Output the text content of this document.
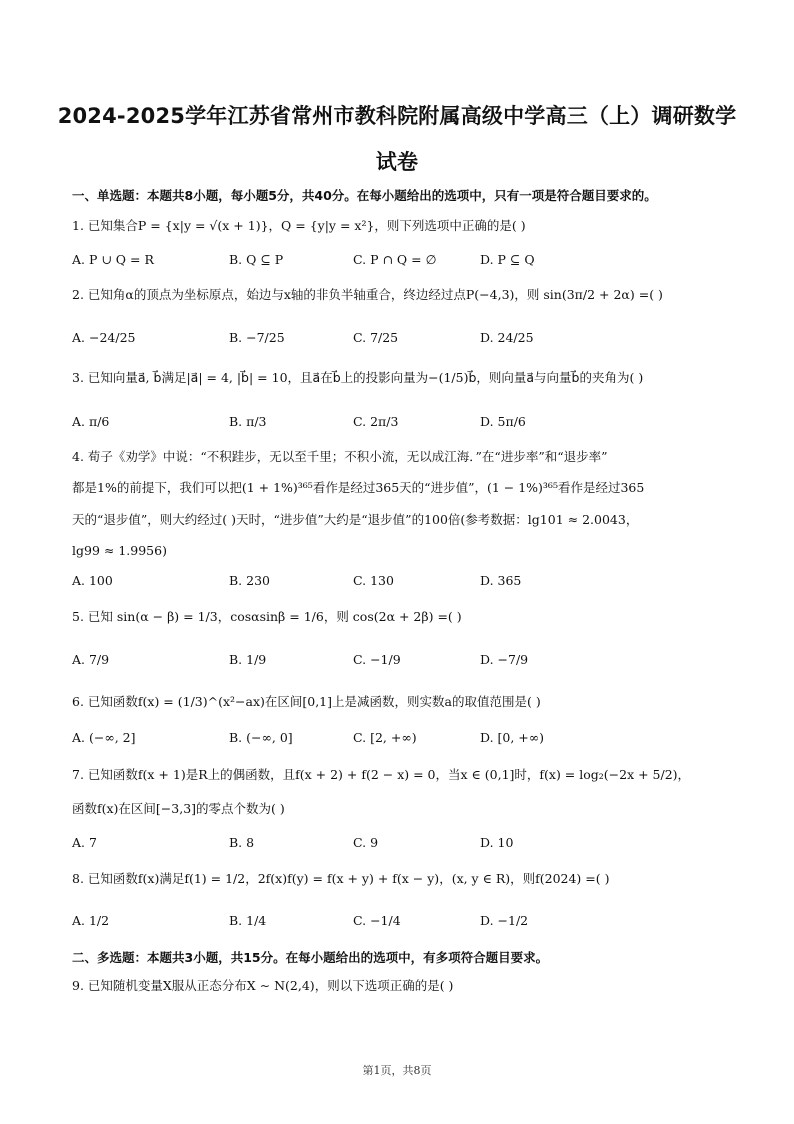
2024-2025学年江苏省常州市教科院附属高级中学高三（上）调研数学
试卷
一、单选题：本题共8小题，每小题5分，共40分。在每小题给出的选项中，只有一项是符合题目要求的。
1. 已知集合P = {x|y = √(x + 1)}，Q = {y|y = x²}，则下列选项中正确的是( )
A. P ∪ Q = R	B. Q ⊆ P	C. P ∩ Q = ∅	D. P ⊆ Q
2. 已知角α的顶点为坐标原点，始边与x轴的非负半轴重合，终边经过点P(−4,3)，则 sin(3π/2 + 2α) =( )
A. −24/25	B. −7/25	C. 7/25	D. 24/25
3. 已知向量a⃗, b⃗满足|a⃗| = 4, |b⃗| = 10，且a⃗在b⃗上的投影向量为−(1/5)b⃗，则向量a⃗与向量b⃗的夹角为( )
A. π/6	B. π/3	C. 2π/3	D. 5π/6
4. 荀子《劝学》中说：“不积跬步，无以至千里；不积小流，无以成江海．”在“进步率”和“退步率”
都是1%的前提下，我们可以把(1 + 1%)³⁶⁵看作是经过365天的“进步值”，(1 − 1%)³⁶⁵看作是经过365
天的“退步值”，则大约经过( )天时，“进步值”大约是“退步值”的100倍(参考数据：lg101 ≈ 2.0043，
lg99 ≈ 1.9956)
A. 100	B. 230	C. 130	D. 365
5. 已知 sin(α − β) = 1/3，cosαsinβ = 1/6，则 cos(2α + 2β) =( )
A. 7/9	B. 1/9	C. −1/9	D. −7/9
6. 已知函数f(x) = (1/3)^(x²−ax)在区间[0,1]上是减函数，则实数a的取值范围是( )
A. (−∞, 2]	B. (−∞, 0]	C. [2, +∞)	D. [0, +∞)
7. 已知函数f(x + 1)是R上的偶函数，且f(x + 2) + f(2 − x) = 0，当x ∈ (0,1]时，f(x) = log₂(−2x + 5/2)，
函数f(x)在区间[−3,3]的零点个数为( )
A. 7	B. 8	C. 9	D. 10
8. 已知函数f(x)满足f(1) = 1/2，2f(x)f(y) = f(x + y) + f(x − y)，(x, y ∈ R)，则f(2024) =( )
A. 1/2	B. 1/4	C. −1/4	D. −1/2
二、多选题：本题共3小题，共15分。在每小题给出的选项中，有多项符合题目要求。
9. 已知随机变量X服从正态分布X ∼ N(2,4)，则以下选项正确的是( )
第1页，共8页
